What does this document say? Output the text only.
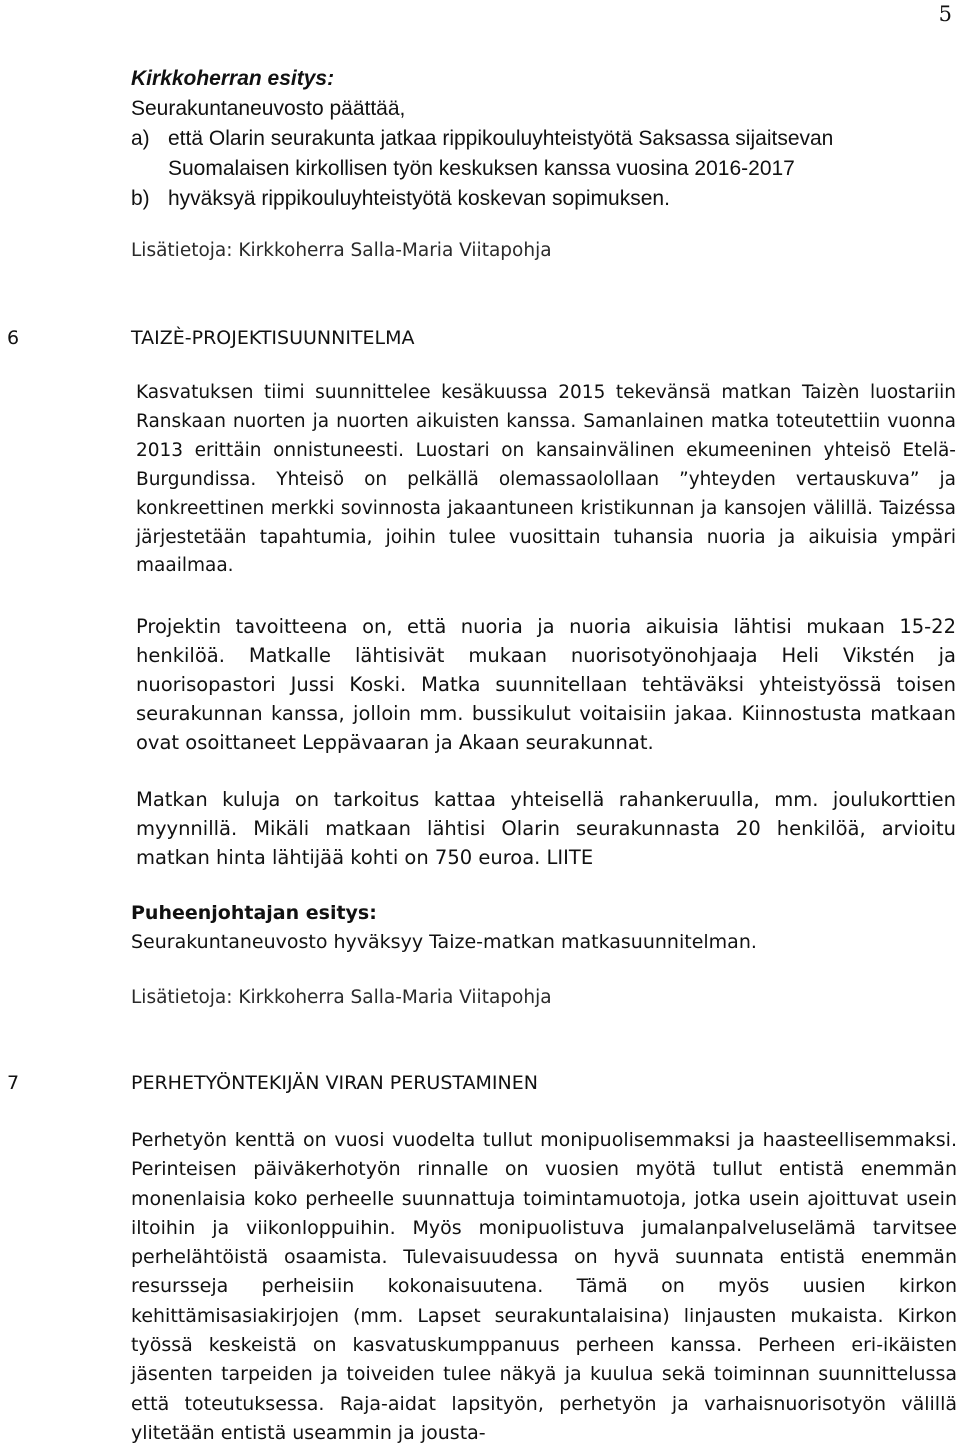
5
Kirkkoherran esitys:
Seurakuntaneuvosto päättää,
a) että Olarin seurakunta jatkaa rippikouluyhteistyötä Saksassa sijaitsevan
Suomalaisen kirkollisen työn keskuksen kanssa vuosina 2016-2017
b) hyväksyä rippikouluyhteistyötä koskevan sopimuksen.
Lisätietoja: Kirkkoherra Salla-Maria Viitapohja
6	TAIZÈ-PROJEKTISUUNNITELMA
Kasvatuksen tiimi suunnittelee kesäkuussa 2015 tekevänsä matkan Taizèn luostariin Ranskaan nuorten ja nuorten aikuisten kanssa. Samanlainen matka toteutettiin vuonna 2013 erittäin onnistuneesti. Luostari on kansainvälinen ekumeeninen yhteisö Etelä-Burgundissa. Yhteisö on pelkällä olemassaolollaan ”yhteyden vertauskuva” ja konkreettinen merkki sovinnosta jakaantuneen kristikunnan ja kansojen välillä. Taizéssa järjestetään tapahtumia, joihin tulee vuosittain tuhansia nuoria ja aikuisia ympäri maailmaa.
Projektin tavoitteena on, että nuoria ja nuoria aikuisia lähtisi mukaan 15-22 henkilöä. Matkalle lähtisivät mukaan nuorisotyönohjaaja Heli Vikstén ja nuorisopastori Jussi Koski. Matka suunnitellaan tehtäväksi yhteistyössä toisen seurakunnan kanssa, jolloin mm. bussikulut voitaisiin jakaa. Kiinnostusta matkaan ovat osoittaneet Leppävaaran ja Akaan seurakunnat.
Matkan kuluja on tarkoitus kattaa yhteisellä rahankeruulla, mm. joulukorttien myynnillä. Mikäli matkaan lähtisi Olarin seurakunnasta 20 henkilöä, arvioitu matkan hinta lähtijää kohti on 750 euroa. LIITE
Puheenjohtajan esitys:
Seurakuntaneuvosto hyväksyy Taize-matkan matkasuunnitelman.
Lisätietoja: Kirkkoherra Salla-Maria Viitapohja
7	PERHETYÖNTEKIJÄN VIRAN PERUSTAMINEN
Perhetyön kenttä on vuosi vuodelta tullut monipuolisemmaksi ja haasteellisemmaksi. Perinteisen päiväkerhotyön rinnalle on vuosien myötä tullut entistä enemmän monenlaisia koko perheelle suunnattuja toimintamuotoja, jotka usein ajoittuvat usein iltoihin ja viikonloppuihin. Myös monipuolistuva jumalanpalveluselämä tarvitsee perhelähtöistä osaamista. Tulevaisuudessa on hyvä suunnata entistä enemmän resursseja perheisiin kokonaisuutena. Tämä on myös uusien kirkon kehittämisasiakirjojen (mm. Lapset seurakuntalaisina) linjausten mukaista. Kirkon työssä keskeistä on kasvatuskumppanuus perheen kanssa. Perheen eri-ikäisten jäsenten tarpeiden ja toiveiden tulee näkyä ja kuulua sekä toiminnan suunnittelussa että toteutuksessa. Raja-aidat lapsityön, perhetyön ja varhaisnuorisotyön välillä ylitetään entistä useammin ja jousta-
